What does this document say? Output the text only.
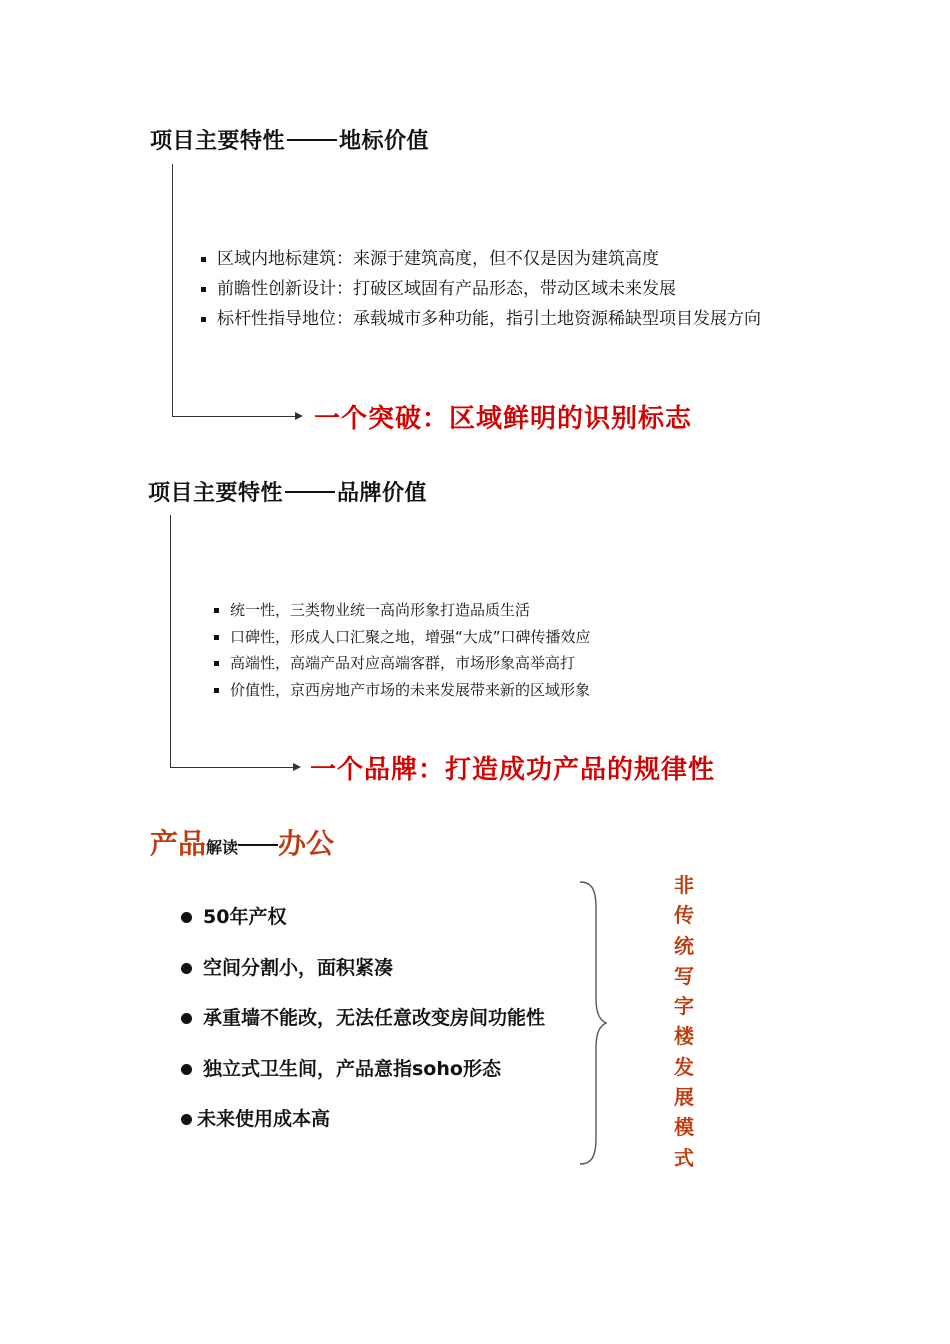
项目主要特性 地标价值
区域内地标建筑：来源于建筑高度，但不仅是因为建筑高度
前瞻性创新设计：打破区域固有产品形态，带动区域未来发展
标杆性指导地位：承载城市多种功能，指引土地资源稀缺型项目发展方向
一个突破：区域鲜明的识别标志
项目主要特性 品牌价值
统一性，三类物业统一高尚形象打造品质生活
口碑性，形成人口汇聚之地，增强“大成”口碑传播效应
高端性，高端产品对应高端客群，市场形象高举高打
价值性，京西房地产市场的未来发展带来新的区域形象
一个品牌：打造成功产品的规律性
产品解读 办公
50年产权
空间分割小，面积紧凑
承重墙不能改，无法任意改变房间功能性
独立式卫生间，产品意指soho形态
未来使用成本高
非传统写字楼发展模式
